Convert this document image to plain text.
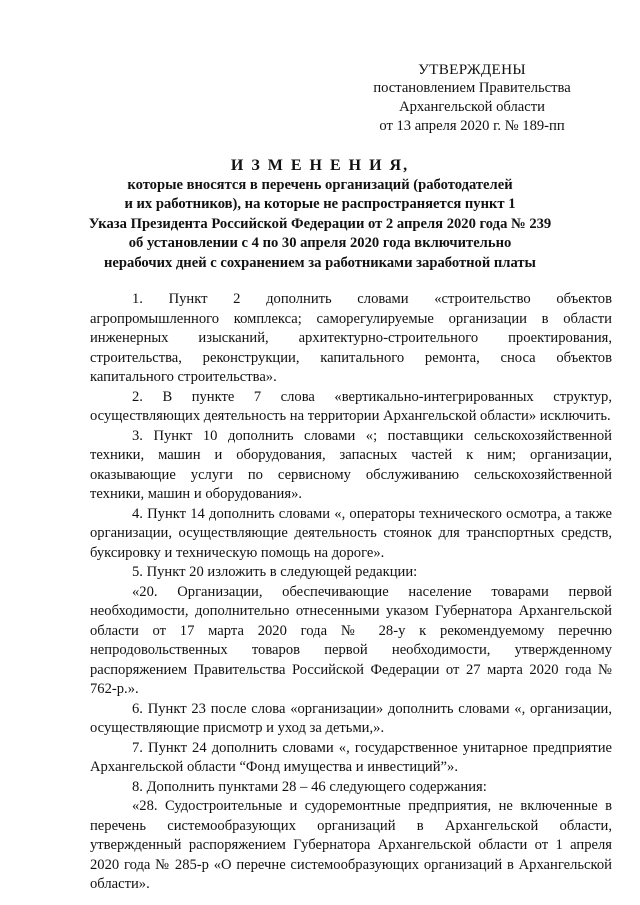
УТВЕРЖДЕНЫ
постановлением Правительства
Архангельской области
от 13 апреля 2020 г. № 189-пп
И З М Е Н Е Н И Я,
которые вносятся в перечень организаций (работодателей
и их работников), на которые не распространяется пункт 1
Указа Президента Российской Федерации от 2 апреля 2020 года № 239
об установлении с 4 по 30 апреля 2020 года включительно
нерабочих дней с сохранением за работниками заработной платы

1. Пункт 2 дополнить словами «строительство объектов агропромышленного комплекса; саморегулируемые организации в области инженерных изысканий, архитектурно-строительного проектирования, строительства, реконструкции, капитального ремонта, сноса объектов капитального строительства».

2. В пункте 7 слова «вертикально-интегрированных структур, осуществляющих деятельность на территории Архангельской области» исключить.

3. Пункт 10 дополнить словами «; поставщики сельскохозяйственной техники, машин и оборудования, запасных частей к ним; организации, оказывающие услуги по сервисному обслуживанию сельскохозяйственной техники, машин и оборудования».

4. Пункт 14 дополнить словами «, операторы технического осмотра, а также организации, осуществляющие деятельность стоянок для транспортных средств, буксировку и техническую помощь на дороге».

5. Пункт 20 изложить в следующей редакции:

«20. Организации, обеспечивающие население товарами первой необходимости, дополнительно отнесенными указом Губернатора Архангельской области от 17 марта 2020 года № 28-у к рекомендуемому перечню непродовольственных товаров первой необходимости, утвержденному распоряжением Правительства Российской Федерации от 27 марта 2020 года № 762-р.».

6. Пункт 23 после слова «организации» дополнить словами «, организации, осуществляющие присмотр и уход за детьми,».

7. Пункт 24 дополнить словами «, государственное унитарное предприятие Архангельской области “Фонд имущества и инвестиций”».

8. Дополнить пунктами 28 – 46 следующего содержания:

«28. Судостроительные и судоремонтные предприятия, не включенные в перечень системообразующих организаций в Архангельской области, утвержденный распоряжением Губернатора Архангельской области от 1 апреля 2020 года № 285-р «О перечне системообразующих организаций в Архангельской области».
